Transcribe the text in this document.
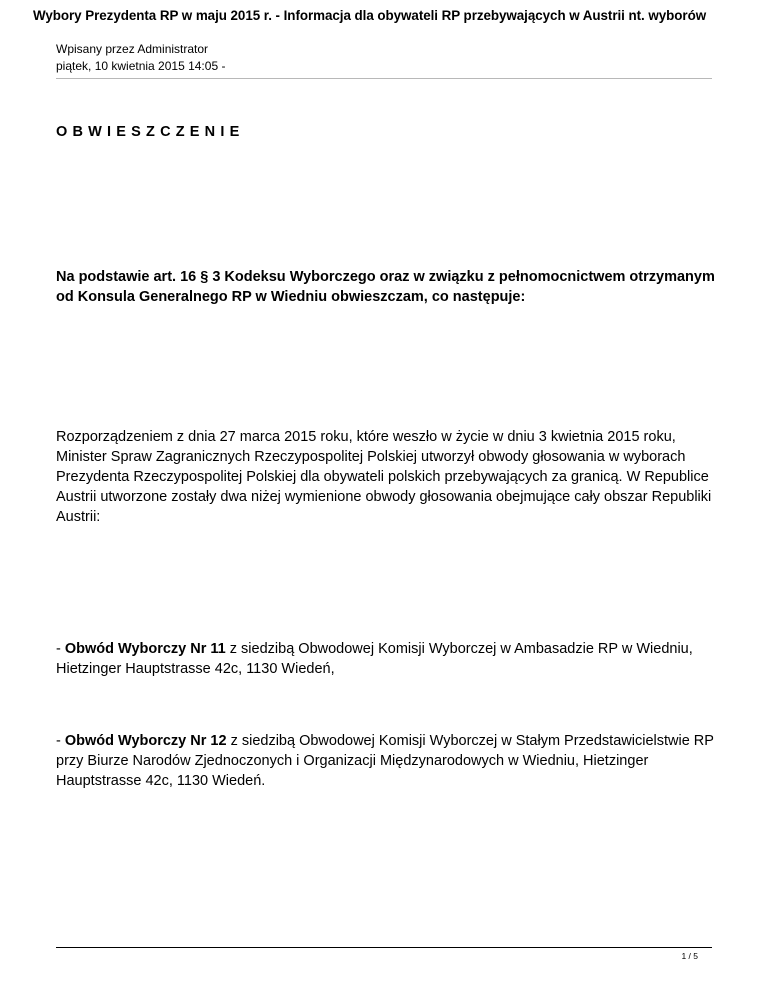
Wybory Prezydenta RP w maju 2015 r. - Informacja dla obywateli RP przebywających w Austrii nt. wyborów
Wpisany przez Administrator
piątek, 10 kwietnia 2015 14:05 -
OBWIESZCZENIE
Na podstawie art. 16 § 3 Kodeksu Wyborczego oraz w związku z pełnomocnictwem otrzymanym od Konsula Generalnego RP w Wiedniu obwieszczam, co następuje:
Rozporządzeniem z dnia 27 marca 2015 roku, które weszło w życie w dniu 3 kwietnia 2015 roku, Minister Spraw Zagranicznych Rzeczypospolitej Polskiej utworzył obwody głosowania w wyborach Prezydenta Rzeczypospolitej Polskiej dla obywateli polskich przebywających za granicą. W Republice Austrii utworzone zostały dwa niżej wymienione obwody głosowania obejmujące cały obszar Republiki Austrii:
- Obwód Wyborczy Nr 11 z siedzibą Obwodowej Komisji Wyborczej w Ambasadzie RP w Wiedniu, Hietzinger Hauptstrasse 42c, 1130 Wiedeń,
- Obwód Wyborczy Nr 12 z siedzibą Obwodowej Komisji Wyborczej w Stałym Przedstawicielstwie RP przy Biurze Narodów Zjednoczonych i Organizacji Międzynarodowych w Wiedniu, Hietzinger Hauptstrasse 42c, 1130 Wiedeń.
1 / 5
